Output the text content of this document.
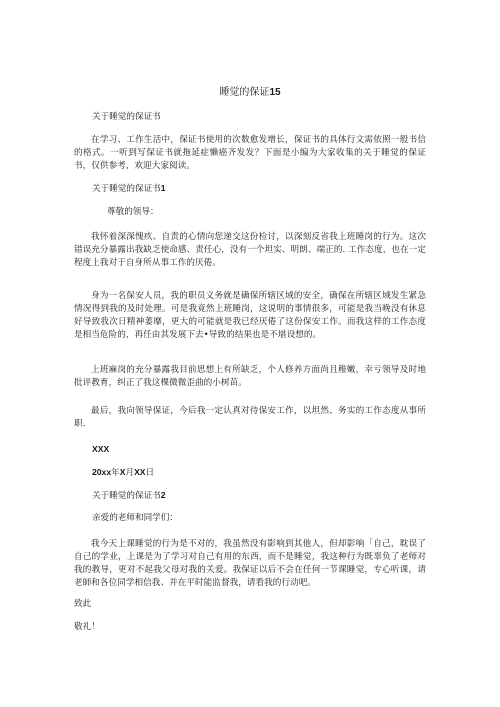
睡觉的保证15
关于睡觉的保证书

在学习、工作生活中，保证书使用的次数愈发增长，保证书的具体行文需依照一般书信的格式。一听到写保证书就拖延症懒癌齐发发？下面是小编为大家收集的关于睡觉的保证书，仅供参考，欢迎大家阅读。

关于睡觉的保证书1
尊敬的领导：

我怀着深深愧疚、自责的心情向您递交这份检讨，以深刻反省我上班睡岗的行为。这次错误充分暴露出我缺乏使命感、责任心，没有一个坦实、明朗、端正的. 工作态度，也在一定程度上我对于自身所从事工作的厌倦。

身为一名保安人员，我的职员义务就是确保所辖区域的安全，确保在所辖区域发生紧急情况得到我的及时处理。可是我竟然上班睡岗，这说明的事情很多，可能是我当晚没有休息好导致我次日精神萎靡，更大的可能就是我已经厌倦了这份保安工作。而我这样的工作态度是相当危险的，再任由其发展下去•导致的结果也是不堪设想的。

上班麻岗的充分暴露我目前思想上有所缺乏，个人修养方面尚且稚嫩，幸亏领导及时地批评教育，纠正了我这棵微微歪曲的小树苗。

最后，我向领导保证，今后我一定认真对待保安工作，以坦然、务实的工作态度从事所职.

XXX
20xx年X月XX日
关于睡觉的保证书2
亲爱的老师和同学们：

我今天上课睡觉的行为是不对的，我虽然没有影响到其他人，但却影响「自己，耽误了自己的学业，上课是为了学习对自己有用的东西，而不是睡觉，我这种行为既辜负了老师对我的教导，更对不起我父母对我的关爱。我保证以后不会在任何一节课睡觉，专心听课，请老師和各位同学相信我、并在平时能监督我，请看我的行动吧。

致此
敬礼！
